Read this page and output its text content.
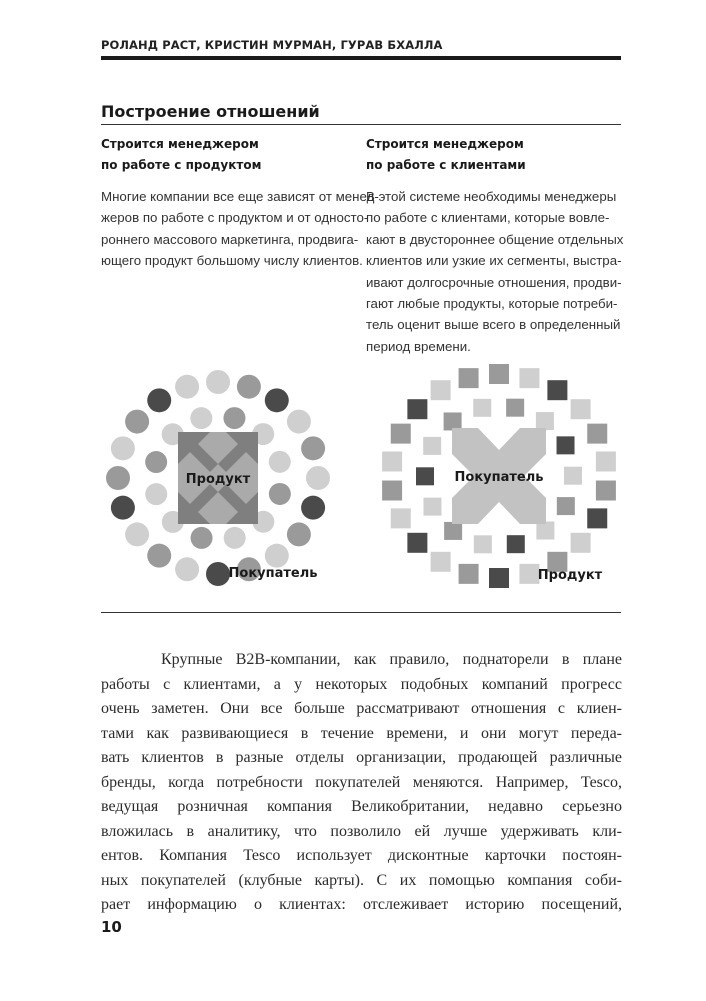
РОЛАНД РАСТ, КРИСТИН МУРМАН, ГУРАВ БХАЛЛА
Построение отношений
Строится менеджером
по работе с продуктом
Многие компании все еще зависят от менед-
жеров по работе с продуктом и от односто-
роннего массового маркетинга, продвига-
ющего продукт большому числу клиентов.
Строится менеджером
по работе с клиентами
В этой системе необходимы менеджеры
по работе с клиентами, которые вовле-
кают в двустороннее общение отдельных
клиентов или узкие их сегменты, выстра-
ивают долгосрочные отношения, продви-
гают любые продукты, которые потреби-
тель оценит выше всего в определенный
период времени.
Продукт
Покупатель
Покупатель
Продукт
Крупные B2B-компании, как правило, поднаторели в плане
работы с клиентами, а у некоторых подобных компаний прогресс
очень заметен. Они все больше рассматривают отношения с клиен-
тами как развивающиеся в течение времени, и они могут переда-
вать клиентов в разные отделы организации, продающей различные
бренды, когда потребности покупателей меняются. Например, Tesco,
ведущая розничная компания Великобритании, недавно серьезно
вложилась в аналитику, что позволило ей лучше удерживать кли-
ентов. Компания Tesco использует дисконтные карточки постоян-
ных покупателей (клубные карты). С их помощью компания соби-
рает информацию о клиентах: отслеживает историю посещений,
10
